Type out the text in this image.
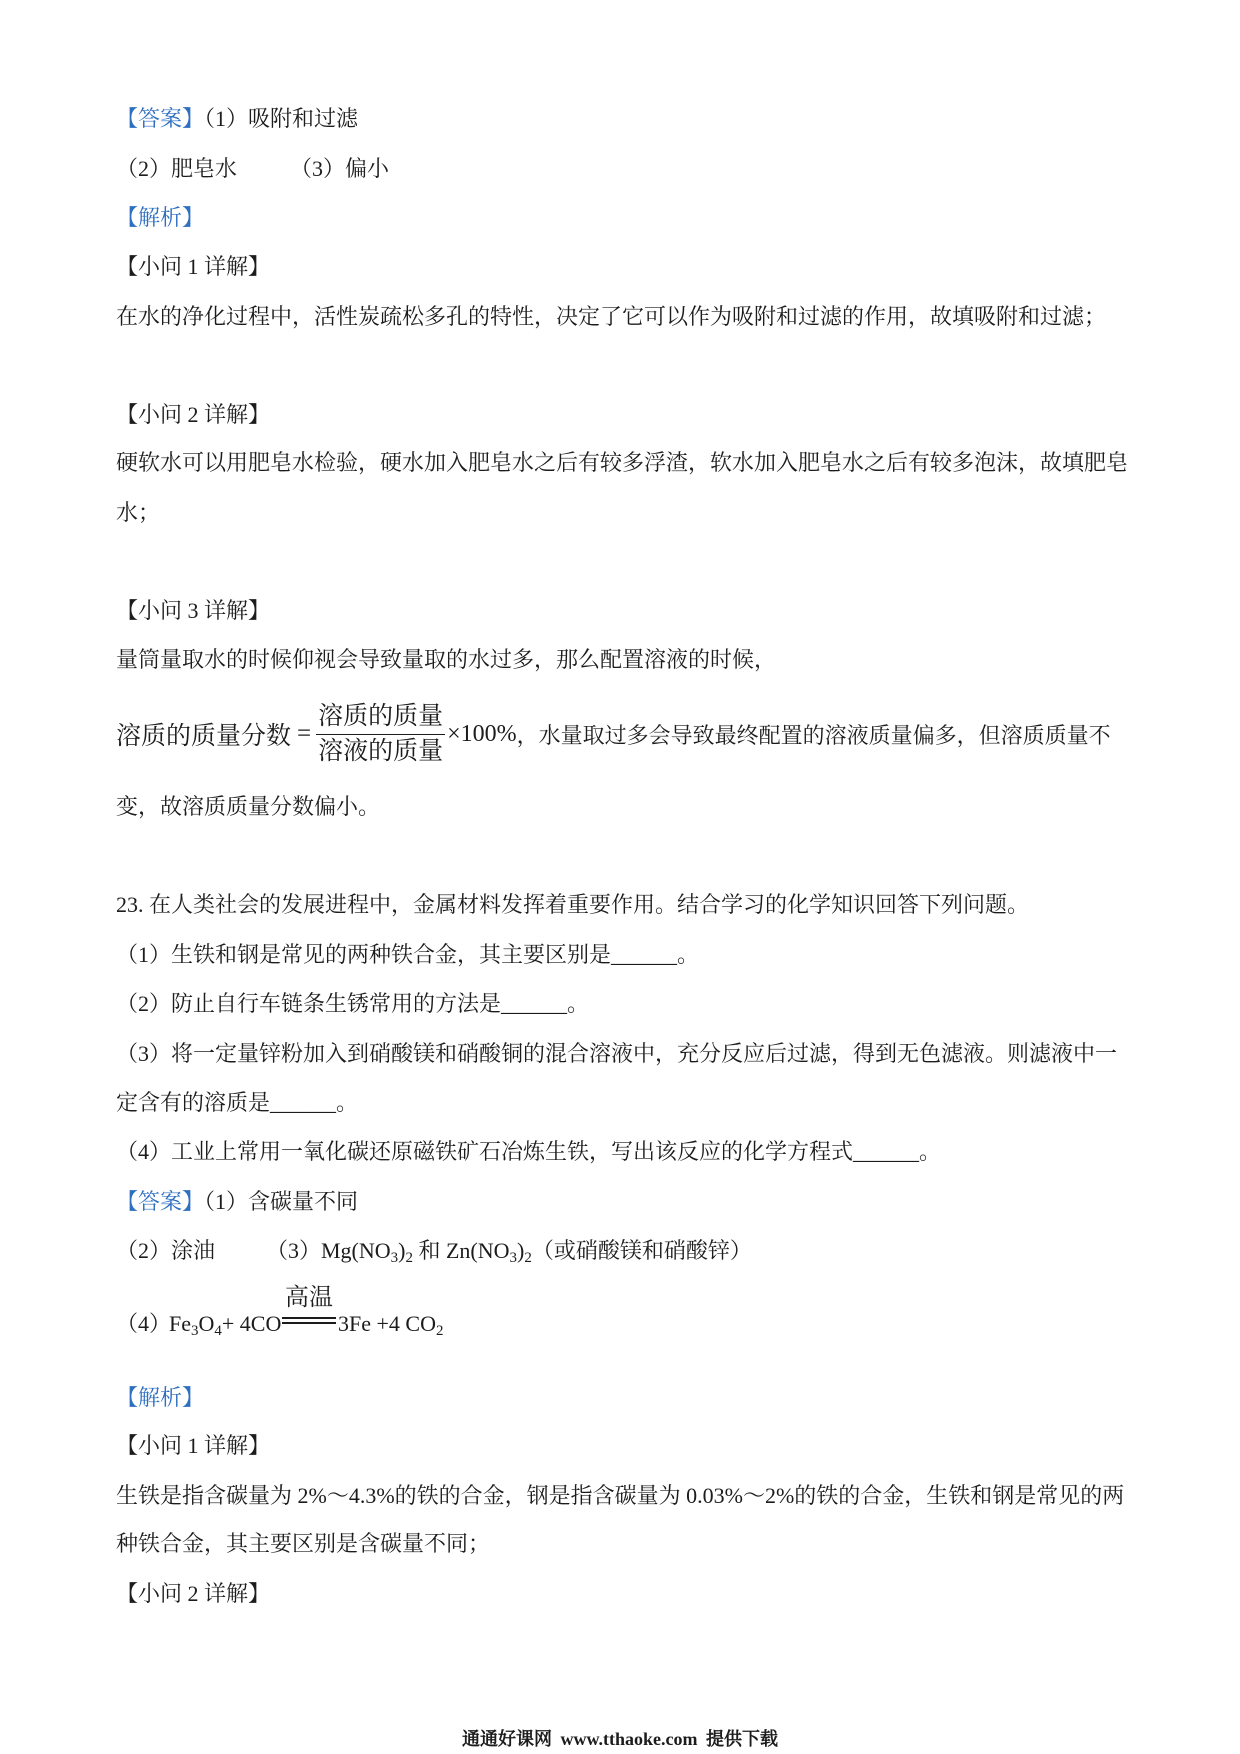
【答案】（1）吸附和过滤
（2）肥皂水 （3）偏小
【解析】
【小问 1 详解】
在水的净化过程中，活性炭疏松多孔的特性，决定了它可以作为吸附和过滤的作用，故填吸附和过滤；
【小问 2 详解】
硬软水可以用肥皂水检验，硬水加入肥皂水之后有较多浮渣，软水加入肥皂水之后有较多泡沫，故填肥皂
水；
【小问 3 详解】
量筒量取水的时候仰视会导致量取的水过多，那么配置溶液的时候，
溶质的质量分数 = $\frac{\text{溶质的质量}}{\text{溶液的质量}} \times 100\%$ ，水量取过多会导致最终配置的溶液质量偏多，但溶质质量不
变，故溶质质量分数偏小。
23. 在人类社会的发展进程中，金属材料发挥着重要作用。结合学习的化学知识回答下列问题。
（1）生铁和钢是常见的两种铁合金，其主要区别是______。
（2）防止自行车链条生锈常用的方法是______。
（3）将一定量锌粉加入到硝酸镁和硝酸铜的混合溶液中，充分反应后过滤，得到无色滤液。则滤液中一
定含有的溶质是______。
（4）工业上常用一氧化碳还原磁铁矿石冶炼生铁，写出该反应的化学方程式______。
【答案】（1）含碳量不同
（2）涂油 $(3)Mg(NO_3)_2$ 和 $Zn(NO_3)_2$（或硝酸镁和硝酸锌）
（4）
$Fe_3O_4+ 4CO$
高温
3Fe +4 $CO_2$
【解析】
【小问 1 详解】
生铁是指含碳量为 2%～4.3%的铁的合金，钢是指含碳量为 0.03%～2%的铁的合金，生铁和钢是常见的两
种铁合金，其主要区别是含碳量不同；
【小问 2 详解】
通通好课网 www.tthaoke.com 提供下载
